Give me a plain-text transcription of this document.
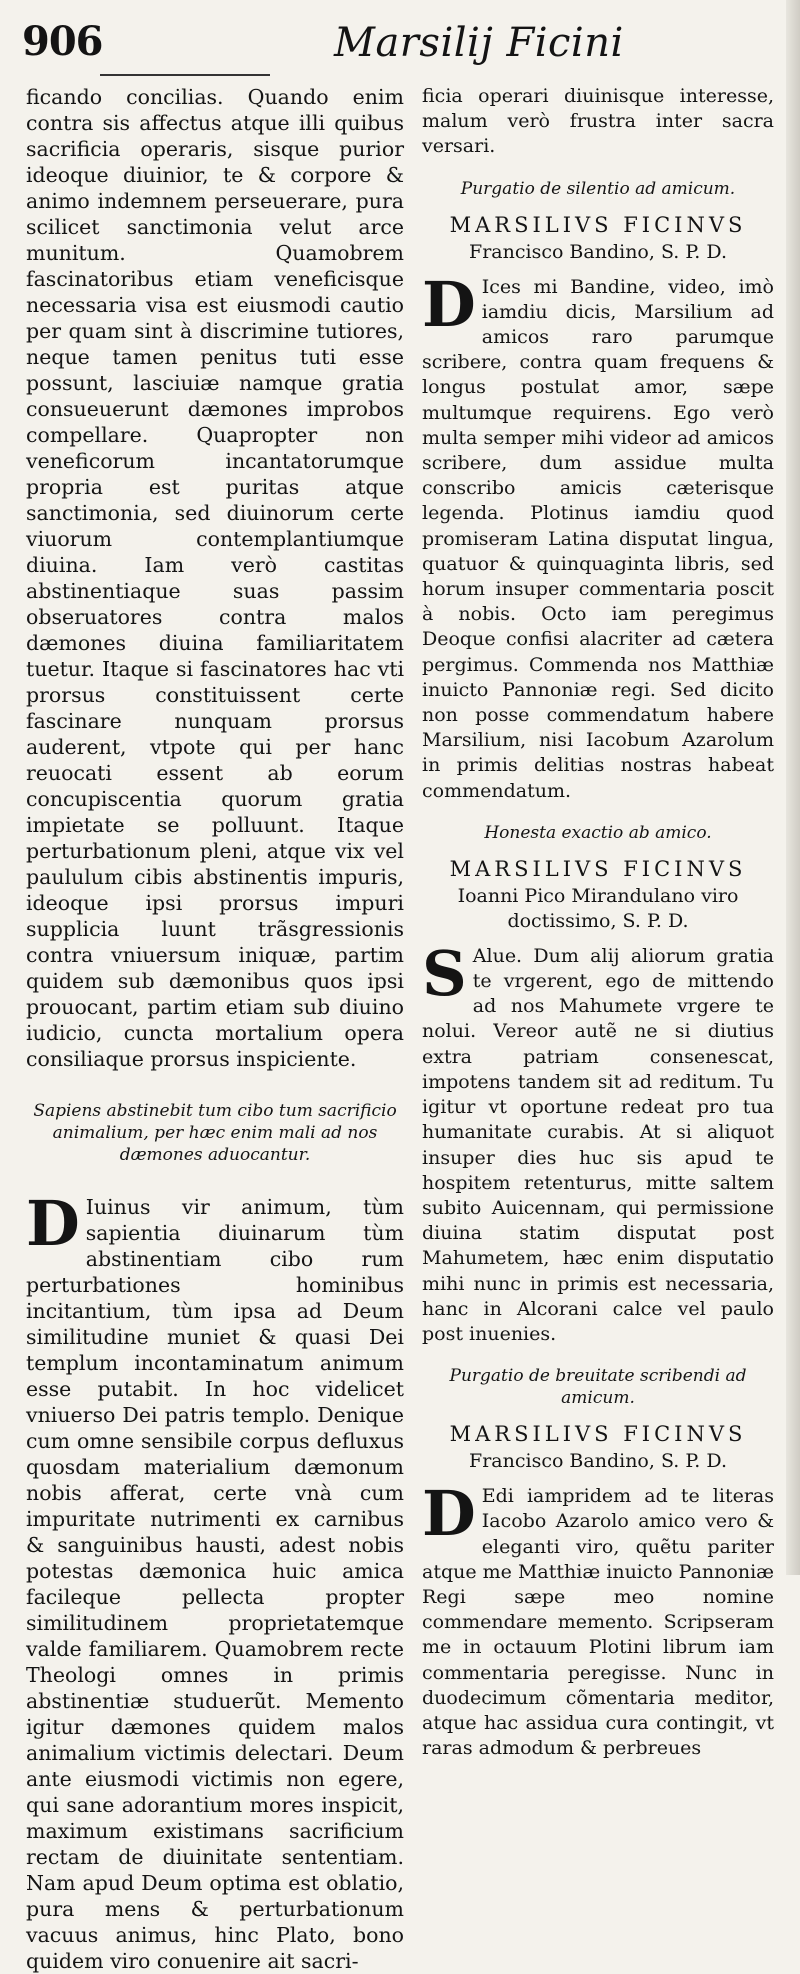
906	Marsilij Ficini

ficando concilias. Quando enim contra sis affectus atque illi quibus sacrificia operaris, sisque purior ideoque diuinior, te & corpore & animo indemnem perseuerare, pura scilicet sanctimonia velut arce munitum. Quamobrem fascinatoribus etiam veneficisque necessaria visa est eiusmodi cautio per quam sint à discrimine tutiores, neque tamen penitus tuti esse possunt, lasciuiæ namque gratia consueuerunt dæmones improbos compellare. Quapropter non veneficorum incantatorumque propria est puritas atque sanctimonia, sed diuinorum certe viuorum contemplantiumque diuina. Iam verò castitas abstinentiaque suas passim obseruatores contra malos dæmones diuina familiaritatem tuetur. Itaque si fascinatores hac vti prorsus constituissent certe fascinare nunquam prorsus auderent, vtpote qui per hanc reuocati essent ab eorum concupiscentia quorum gratia impietate se polluunt. Itaque perturbationum pleni, atque vix vel paululum cibis abstinentis impuris, ideoque ipsi prorsus impuri supplicia luunt trãsgressionis contra vniuersum iniquæ, partim quidem sub dæmonibus quos ipsi prouocant, partim etiam sub diuino iudicio, cuncta mortalium opera consiliaque prorsus inspiciente.

Sapiens abstinebit tum cibo tum sacrificio animalium, per hæc enim mali ad nos dæmones aduocantur.

D Iuinus vir animum, tùm sapientia diuinarum tùm abstinentiam cibo rum perturbationes hominibus incitantium, tùm ipsa ad Deum similitudine muniet & quasi Dei templum incontaminatum animum esse putabit. In hoc videlicet vniuerso Dei patris templo. Denique cum omne sensibile corpus defluxus quosdam materialium dæmonum nobis afferat, certe vnà cum impuritate nutrimenti ex carnibus & sanguinibus hausti, adest nobis potestas dæmonica huic amica facileque pellecta propter similitudinem proprietatemque valde familiarem. Quamobrem recte Theologi omnes in primis abstinentiæ studuerũt. Memento igitur dæmones quidem malos animalium victimis delectari. Deum ante eiusmodi victimis non egere, qui sane adorantium mores inspicit, maximum existimans sacrificium rectam de diuinitate sententiam. Nam apud Deum optima est oblatio, pura mens & perturbationum vacuus animus, hinc Plato, bono quidem viro conuenire ait sacri-

ficia operari diuinisque interesse, malum verò frustra inter sacra versari.

Purgatio de silentio ad amicum.

MARSILIVS FICINVS
Francisco Bandino, S. P. D.

D Ices mi Bandine, video, imò iamdiu dicis, Marsilium ad amicos raro parumque scribere, contra quam frequens & longus postulat amor, sæpe multumque requirens. Ego verò multa semper mihi videor ad amicos scribere, dum assidue multa conscribo amicis cæterisque legenda. Plotinus iamdiu quod promiseram Latina disputat lingua, quatuor & quinquaginta libris, sed horum insuper commentaria poscit à nobis. Octo iam peregimus Deoque confisi alacriter ad cætera pergimus. Commenda nos Matthiæ inuicto Pannoniæ regi. Sed dicito non posse commendatum habere Marsilium, nisi Iacobum Azarolum in primis delitias nostras habeat commendatum.

Honesta exactio ab amico.

MARSILIVS FICINVS
Ioanni Pico Mirandulano viro doctissimo, S. P. D.

S Alue. Dum alij aliorum gratia te vrgerent, ego de mittendo ad nos Mahumete vrgere te nolui. Vereor autẽ ne si diutius extra patriam consenescat, impotens tandem sit ad reditum. Tu igitur vt oportune redeat pro tua humanitate curabis. At si aliquot insuper dies huc sis apud te hospitem retenturus, mitte saltem subito Auicennam, qui permissione diuina statim disputat post Mahumetem, hæc enim disputatio mihi nunc in primis est necessaria, hanc in Alcorani calce vel paulo post inuenies.

Purgatio de breuitate scribendi ad amicum.

MARSILIVS FICINVS
Francisco Bandino, S. P. D.

D Edi iampridem ad te literas Iacobo Azarolo amico vero & eleganti viro, quẽtu pariter atque me Matthiæ inuicto Pannoniæ Regi sæpe meo nomine commendare memento. Scripseram me in octauum Plotini librum iam commentaria peregisse. Nunc in duodecimum cõmentaria meditor, atque hac assidua cura contingit, vt raras admodum & perbreues
